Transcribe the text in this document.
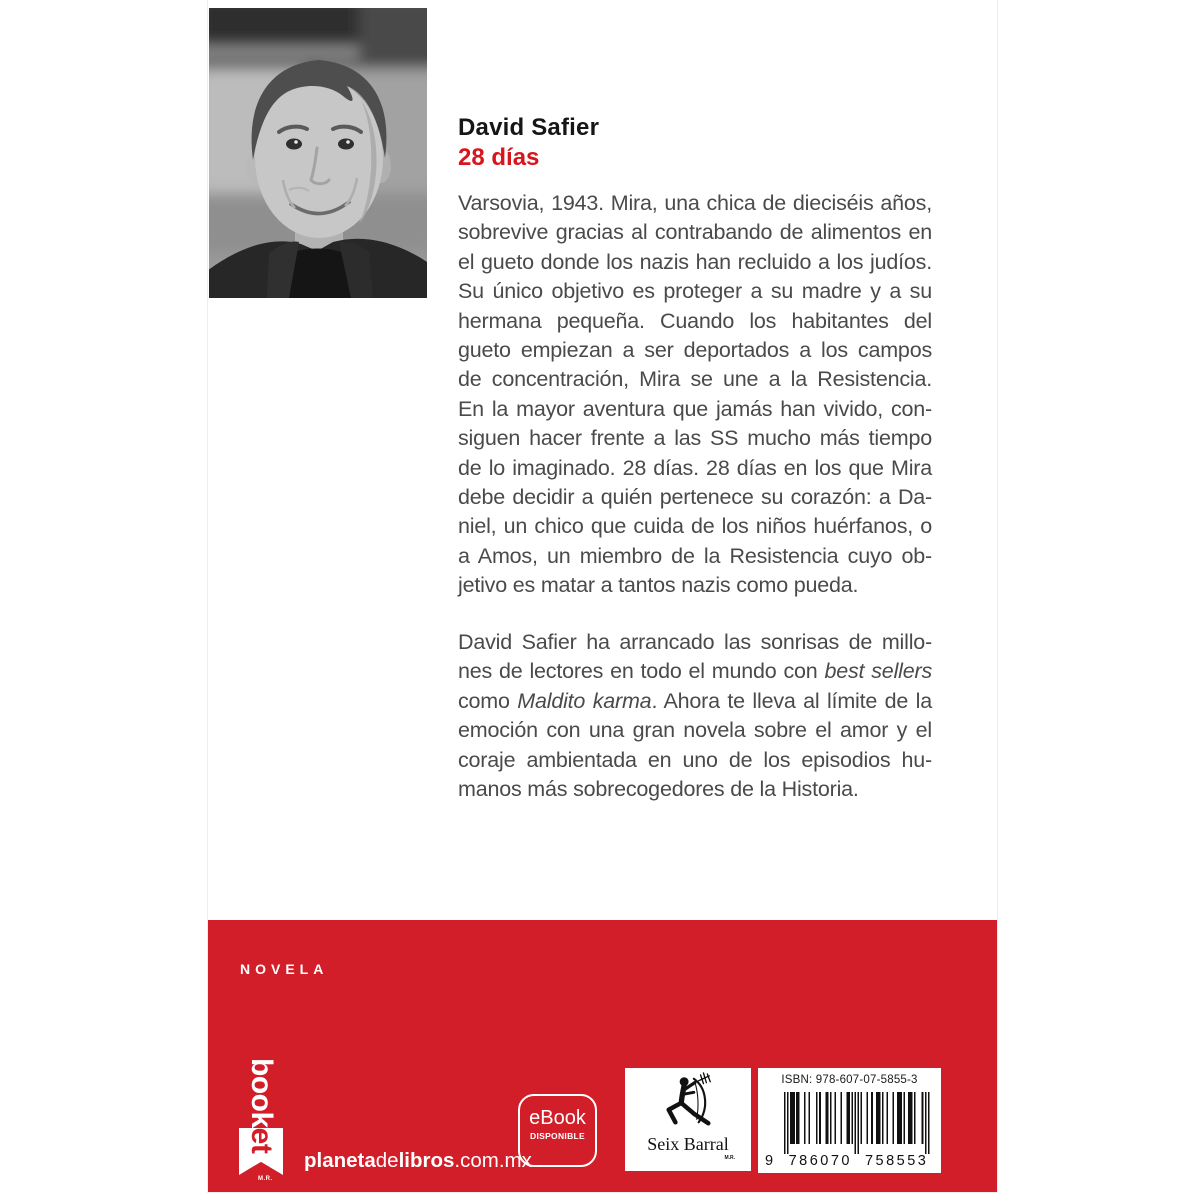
David Safier
28 días
Varsovia, 1943. Mira, una chica de dieciséis años,
sobrevive gracias al contrabando de alimentos en
el gueto donde los nazis han recluido a los judíos.
Su único objetivo es proteger a su madre y a su
hermana pequeña. Cuando los habitantes del
gueto empiezan a ser deportados a los campos
de concentración, Mira se une a la Resistencia.
En la mayor aventura que jamás han vivido, con-
siguen hacer frente a las SS mucho más tiempo
de lo imaginado. 28 días. 28 días en los que Mira
debe decidir a quién pertenece su corazón: a Da-
niel, un chico que cuida de los niños huérfanos, o
a Amos, un miembro de la Resistencia cuyo ob-
jetivo es matar a tantos nazis como pueda.
David Safier ha arrancado las sonrisas de millo-
nes de lectores en todo el mundo con best sellers
como Maldito karma. Ahora te lleva al límite de la
emoción con una gran novela sobre el amor y el
coraje ambientada en uno de los episodios hu-
manos más sobrecogedores de la Historia.
NOVELA
booket
M.R.
planetadelibros.com.mx
eBook
DISPONIBLE	Seix Barral
M.R.
ISBN: 978-607-07-5855-3
9 786070 758553
